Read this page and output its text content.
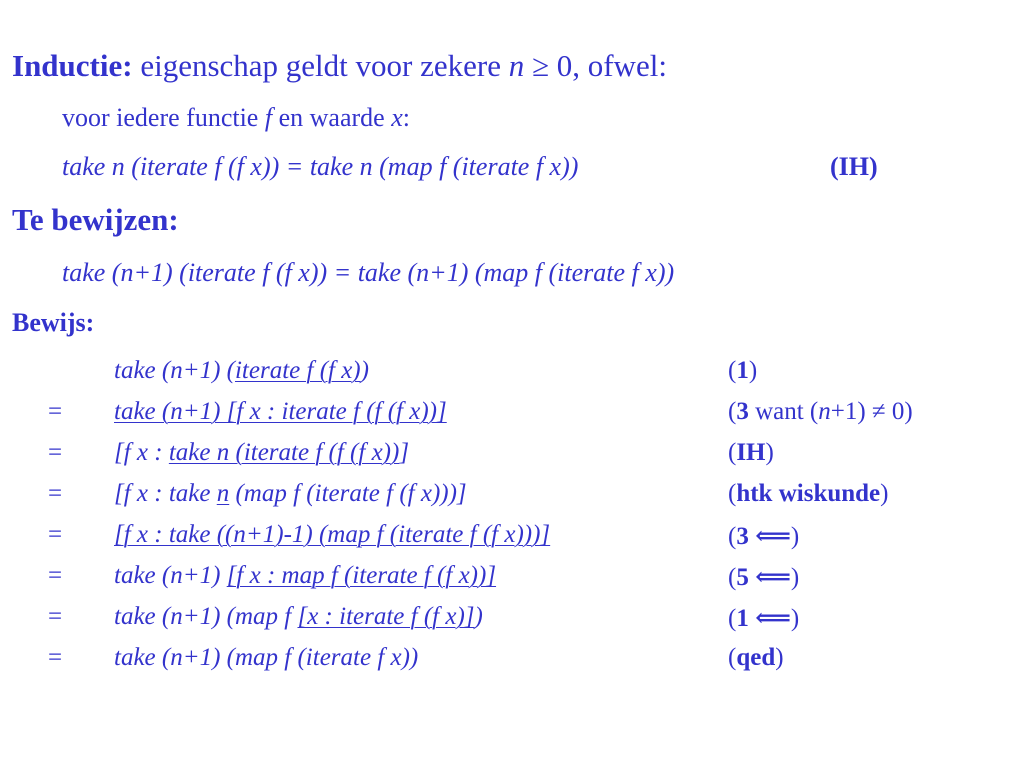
Inductie: eigenschap geldt voor zekere n ≥ 0, ofwel:
voor iedere functie f en waarde x:
take n (iterate f (f x)) = take n (map f (iterate f x))	(IH)
Te bewijzen:
take (n+1) (iterate f (f x)) = take (n+1) (map f (iterate f x))
Bewijs:
take (n+1) (iterate f (f x))	(1)
= take (n+1) [f x : iterate f (f (f x))]	(3 want (n+1) ≠ 0)
= [f x : take n (iterate f (f (f x))]	(IH)
= [f x : take n (map f (iterate f (f x)))]	(htk wiskunde)
= [f x : take ((n+1)-1) (map f (iterate f (f x)))]	(3 ⟸)
= take (n+1) [f x : map f (iterate f (f x))]	(5 ⟸)
= take (n+1) (map f [x : iterate f (f x)])	(1 ⟸)
= take (n+1) (map f (iterate f x))	(qed)
